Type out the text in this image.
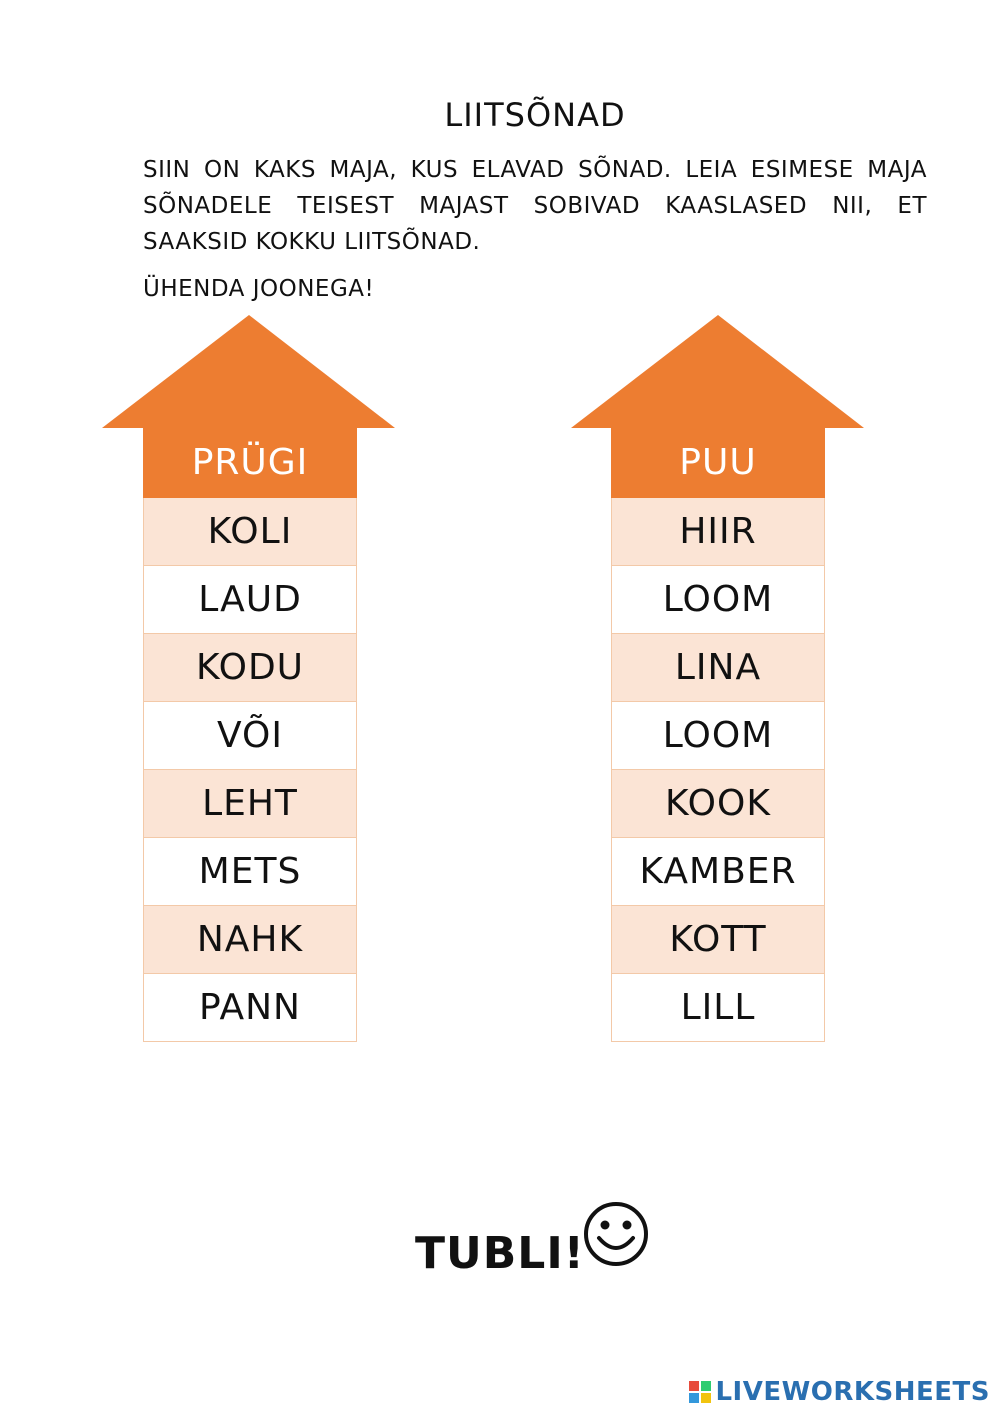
LIITSÕNAD
SIIN ON KAKS MAJA, KUS ELAVAD SÕNAD. LEIA ESIMESE MAJA SÕNADELE TEISEST MAJAST SOBIVAD KAASLASED NII, ET SAAKSID KOKKU LIITSÕNAD.
ÜHENDA JOONEGA!
PRÜGI
KOLI
LAUD
KODU
VÕI
LEHT
METS
NAHK
PANN
PUU
HIIR
LOOM
LINA
LOOM
KOOK
KAMBER
KOTT
LILL
TUBLI!
LIVEWORKSHEETS
